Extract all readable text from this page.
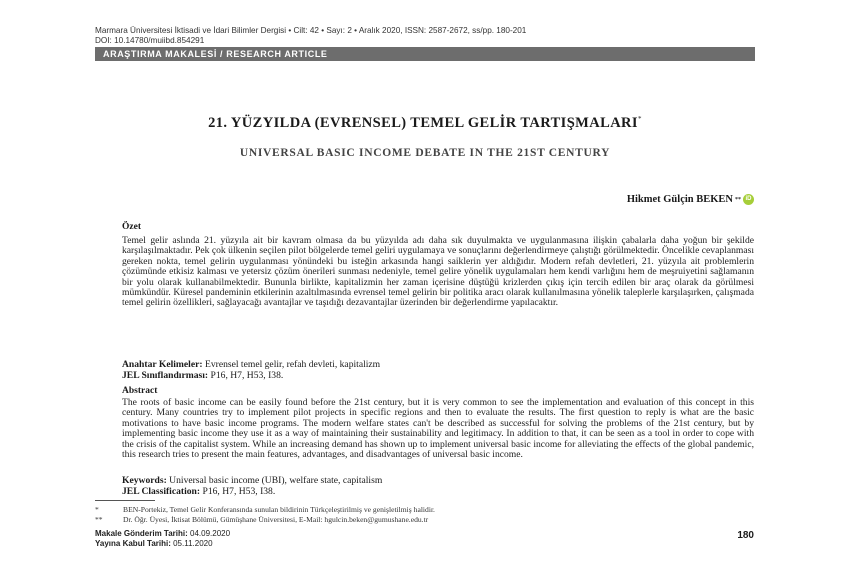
Marmara Üniversitesi İktisadi ve İdari Bilimler Dergisi • Cilt: 42 • Sayı: 2 • Aralık 2020, ISSN: 2587-2672, ss/pp. 180-201
DOI: 10.14780/muiibd.854291
ARAŞTIRMA MAKALESİ / RESEARCH ARTICLE
21. YÜZYILDA (EVRENSEL) TEMEL GELİR TARTIŞMALARI*
UNIVERSAL BASIC INCOME DEBATE IN THE 21ST CENTURY
Hikmet Gülçin BEKEN ** iD
Özet
Temel gelir aslında 21. yüzyıla ait bir kavram olmasa da bu yüzyılda adı daha sık duyulmakta ve uygulanmasına ilişkin çabalarla daha yoğun bir şekilde karşılaşılmaktadır. Pek çok ülkenin seçilen pilot bölgelerde temel geliri uygulamaya ve sonuçlarını değerlendirmeye çalıştığı görülmektedir. Öncelikle cevaplanması gereken nokta, temel gelirin uygulanması yönündeki bu isteğin arkasında hangi saiklerin yer aldığıdır. Modern refah devletleri, 21. yüzyıla ait problemlerin çözümünde etkisiz kalması ve yetersiz çözüm önerileri sunması nedeniyle, temel gelire yönelik uygulamaları hem kendi varlığını hem de meşruiyetini sağlamanın bir yolu olarak kullanabilmektedir. Bununla birlikte, kapitalizmin her zaman içerisine düştüğü krizlerden çıkış için tercih edilen bir araç olarak da görülmesi mümkündür. Küresel pandeminin etkilerinin azaltılmasında evrensel temel gelirin bir politika aracı olarak kullanılmasına yönelik taleplerle karşılaşırken, çalışmada temel gelirin özellikleri, sağlayacağı avantajlar ve taşıdığı dezavantajlar üzerinden bir değerlendirme yapılacaktır.
Anahtar Kelimeler: Evrensel temel gelir, refah devleti, kapitalizm
JEL Sınıflandırması: P16, H7, H53, I38.
Abstract
The roots of basic income can be easily found before the 21st century, but it is very common to see the implementation and evaluation of this concept in this century. Many countries try to implement pilot projects in specific regions and then to evaluate the results. The first question to reply is what are the basic motivations to have basic income programs. The modern welfare states can't be described as successful for solving the problems of the 21st century, but by implementing basic income they use it as a way of maintaining their sustainability and legitimacy. In addition to that, it can be seen as a tool in order to cope with the crisis of the capitalist system. While an increasing demand has shown up to implement universal basic income for alleviating the effects of the global pandemic, this research tries to present the main features, advantages, and disadvantages of universal basic income.
Keywords: Universal basic income (UBI), welfare state, capitalism
JEL Classification: P16, H7, H53, I38.
*	BEN-Portekiz, Temel Gelir Konferansında sunulan bildirinin Türkçeleştirilmiş ve genişletilmiş halidir.
**	Dr. Öğr. Üyesi, İktisat Bölümü, Gümüşhane Üniversitesi, E-Mail: hgulcin.beken@gumushane.edu.tr
Makale Gönderim Tarihi: 04.09.2020
Yayına Kabul Tarihi: 05.11.2020
180
